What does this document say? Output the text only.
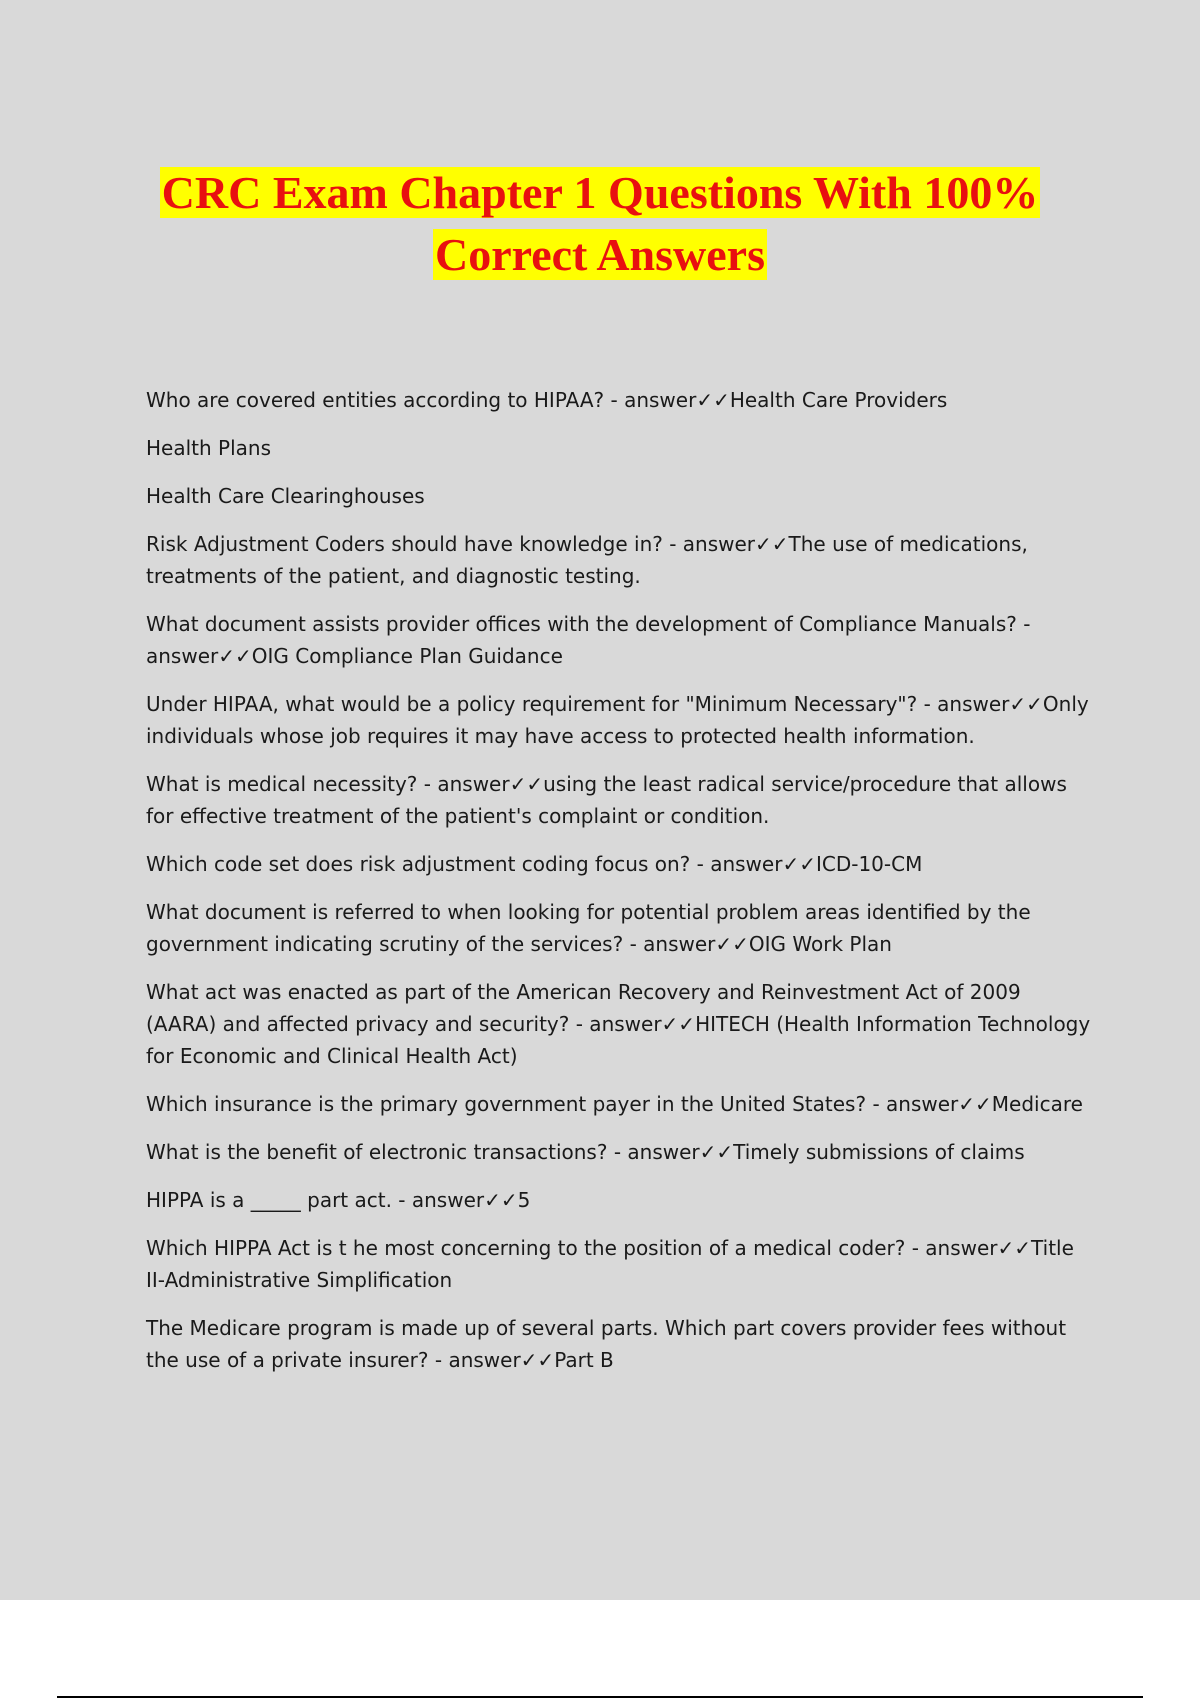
CRC Exam Chapter 1 Questions With 100%
Correct Answers

Who are covered entities according to HIPAA? - answer✓✓Health Care Providers

Health Plans

Health Care Clearinghouses

Risk Adjustment Coders should have knowledge in? - answer✓✓The use of medications, treatments of the patient, and diagnostic testing.

What document assists provider offices with the development of Compliance Manuals? - answer✓✓OIG Compliance Plan Guidance

Under HIPAA, what would be a policy requirement for "Minimum Necessary"? - answer✓✓Only individuals whose job requires it may have access to protected health information.

What is medical necessity? - answer✓✓using the least radical service/procedure that allows for effective treatment of the patient's complaint or condition.

Which code set does risk adjustment coding focus on? - answer✓✓ICD-10-CM

What document is referred to when looking for potential problem areas identified by the government indicating scrutiny of the services? - answer✓✓OIG Work Plan

What act was enacted as part of the American Recovery and Reinvestment Act of 2009 (AARA) and affected privacy and security? - answer✓✓HITECH (Health Information Technology for Economic and Clinical Health Act)

Which insurance is the primary government payer in the United States? - answer✓✓Medicare

What is the benefit of electronic transactions? - answer✓✓Timely submissions of claims

HIPPA is a _____ part act. - answer✓✓5

Which HIPPA Act is t he most concerning to the position of a medical coder? - answer✓✓Title II-Administrative Simplification

The Medicare program is made up of several parts. Which part covers provider fees without the use of a private insurer? - answer✓✓Part B
